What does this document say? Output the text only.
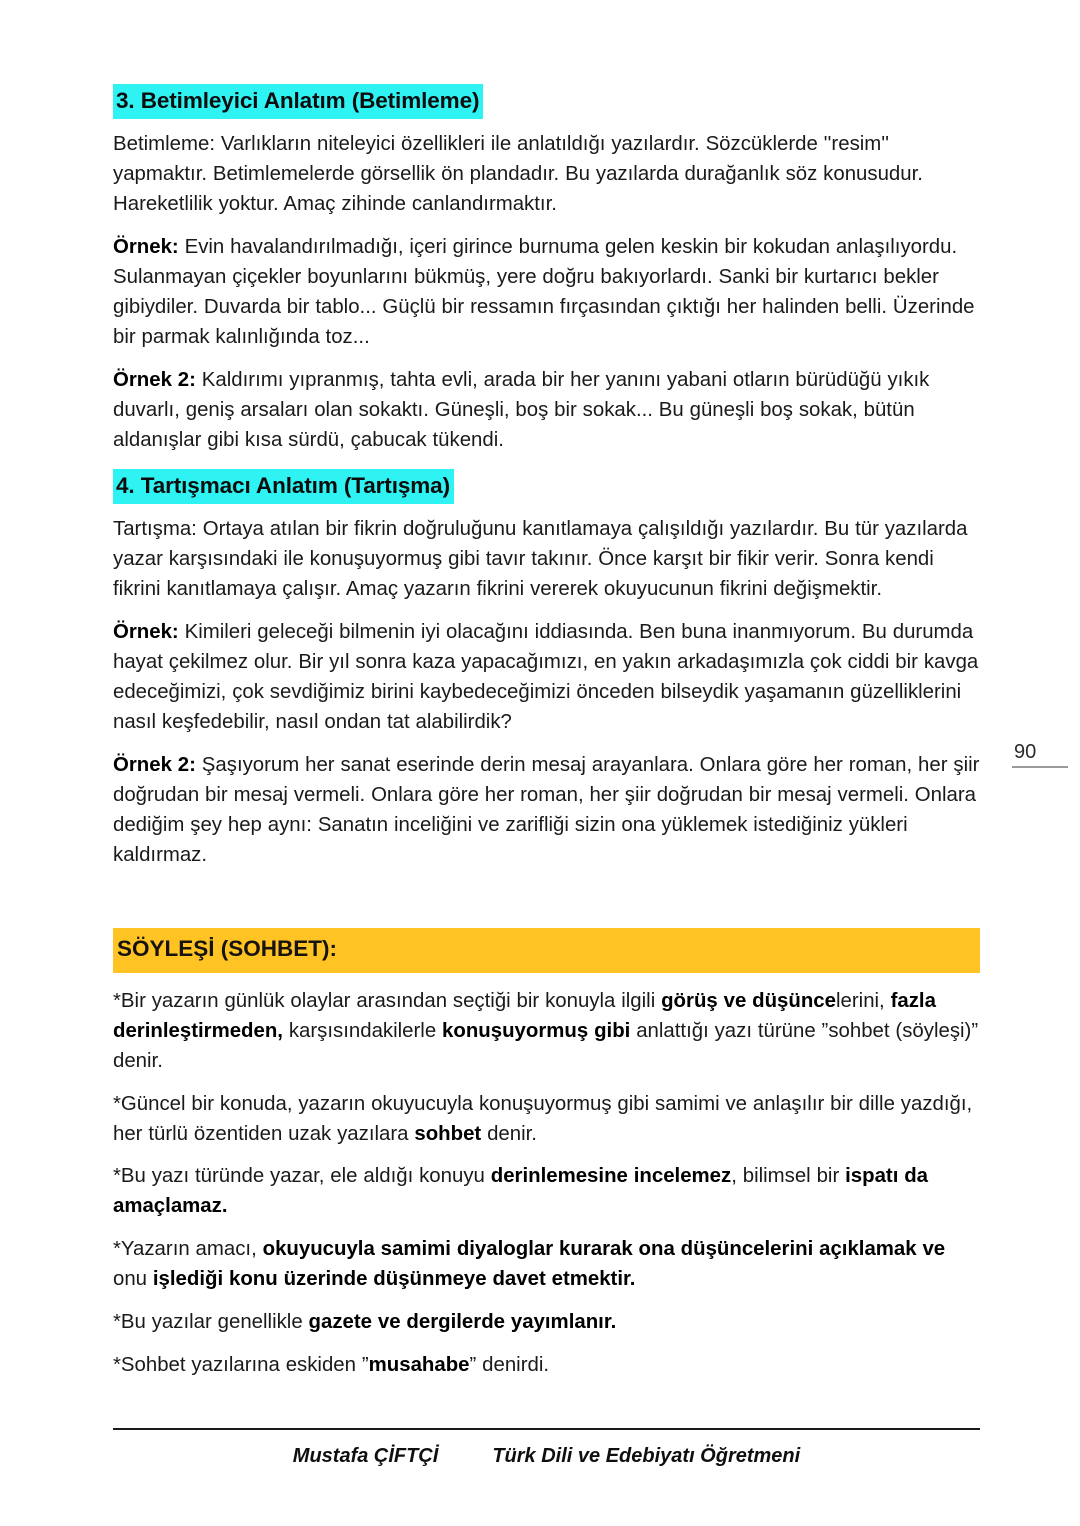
3. Betimleyici Anlatım (Betimleme)

Betimleme: Varlıkların niteleyici özellikleri ile anlatıldığı yazılardır. Sözcüklerde ''resim'' yapmaktır. Betimlemelerde görsellik ön plandadır. Bu yazılarda durağanlık söz konusudur. Hareketlilik yoktur. Amaç zihinde canlandırmaktır.

Örnek: Evin havalandırılmadığı, içeri girince burnuma gelen keskin bir kokudan anlaşılıyordu. Sulanmayan çiçekler boyunlarını bükmüş, yere doğru bakıyorlardı. Sanki bir kurtarıcı bekler gibiydiler. Duvarda bir tablo... Güçlü bir ressamın fırçasından çıktığı her halinden belli. Üzerinde bir parmak kalınlığında toz...

Örnek 2: Kaldırımı yıpranmış, tahta evli, arada bir her yanını yabani otların bürüdüğü yıkık duvarlı, geniş arsaları olan sokaktı. Güneşli, boş bir sokak... Bu güneşli boş sokak, bütün aldanışlar gibi kısa sürdü, çabucak tükendi.

4. Tartışmacı Anlatım (Tartışma)

Tartışma: Ortaya atılan bir fikrin doğruluğunu kanıtlamaya çalışıldığı yazılardır. Bu tür yazılarda yazar karşısındaki ile konuşuyormuş gibi tavır takınır. Önce karşıt bir fikir verir. Sonra kendi fikrini kanıtlamaya çalışır. Amaç yazarın fikrini vererek okuyucunun fikrini değişmektir.

Örnek: Kimileri geleceği bilmenin iyi olacağını iddiasında. Ben buna inanmıyorum. Bu durumda hayat çekilmez olur. Bir yıl sonra kaza yapacağımızı, en yakın arkadaşımızla çok ciddi bir kavga edeceğimizi, çok sevdiğimiz birini kaybedeceğimizi önceden bilseydik yaşamanın güzelliklerini nasıl keşfedebilir, nasıl ondan tat alabilirdik?

Örnek 2: Şaşıyorum her sanat eserinde derin mesaj arayanlara. Onlara göre her roman, her şiir doğrudan bir mesaj vermeli. Onlara göre her roman, her şiir doğrudan bir mesaj vermeli. Onlara dediğim şey hep aynı: Sanatın inceliğini ve zarifliği sizin ona yüklemek istediğiniz yükleri kaldırmaz.

SÖYLEŞİ (SOHBET):

*Bir yazarın günlük olaylar arasından seçtiği bir konuyla ilgili görüş ve düşüncelerini, fazla derinleştirmeden, karşısındakilerle konuşuyormuş gibi anlattığı yazı türüne ”sohbet (söyleşi)” denir.

*Güncel bir konuda, yazarın okuyucuyla konuşuyormuş gibi samimi ve anlaşılır bir dille yazdığı, her türlü özentiden uzak yazılara sohbet denir.

*Bu yazı türünde yazar, ele aldığı konuyu derinlemesine incelemez, bilimsel bir ispatı da amaçlamaz.

*Yazarın amacı, okuyucuyla samimi diyaloglar kurarak ona düşüncelerini açıklamak ve onu işlediği konu üzerinde düşünmeye davet etmektir.

*Bu yazılar genellikle gazete ve dergilerde yayımlanır.

*Sohbet yazılarına eskiden ”musahabe” denirdi.

90
Mustafa ÇİFTÇİ	Türk Dili ve Edebiyatı Öğretmeni
